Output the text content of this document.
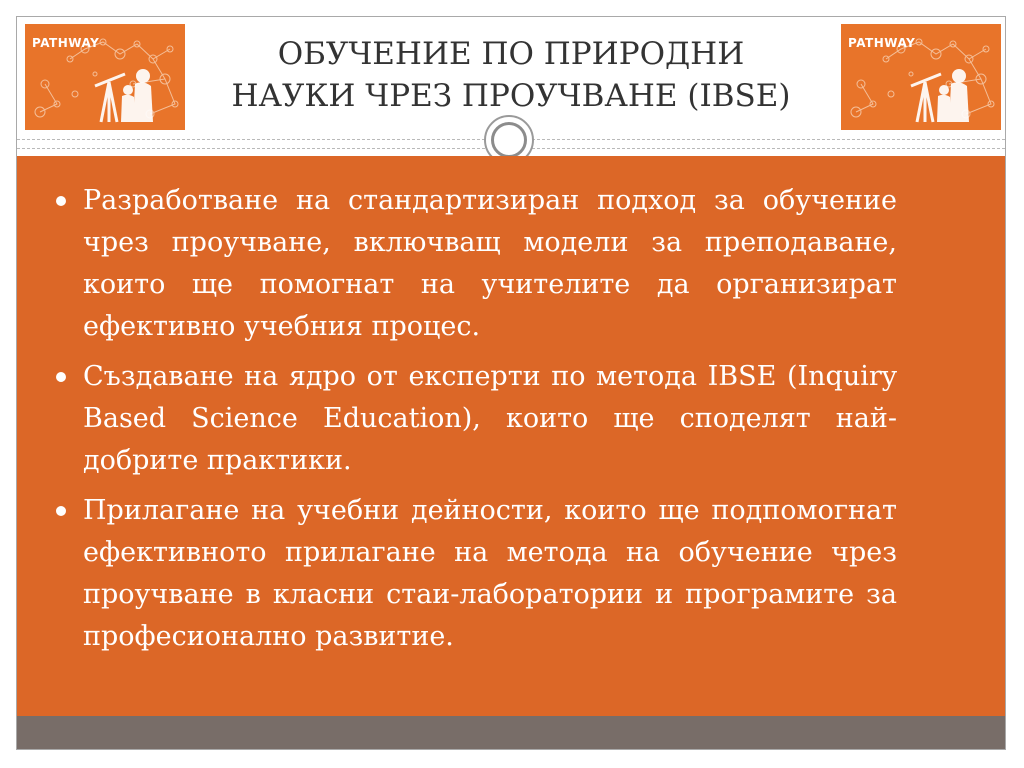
PATHWAY	ОБУЧЕНИЕ ПО ПРИРОДНИ
НАУКИ ЧРЕЗ ПРОУЧВАНЕ (IBSE)
PATHWAY
Разработване на стандартизиран подход за обучение чрез проучване, включващ модели за преподаване, които ще помогнат на учителите да организират ефективно учебния процес.
Създаване на ядро от експерти по метода IBSE (Inquiry Based Science Education), които ще споделят най-добрите практики.
Прилагане на учебни дейности, които ще подпомогнат ефективното прилагане на метода на обучение чрез проучване в класни стаи-лаборатории и програмите за професионално развитие.
